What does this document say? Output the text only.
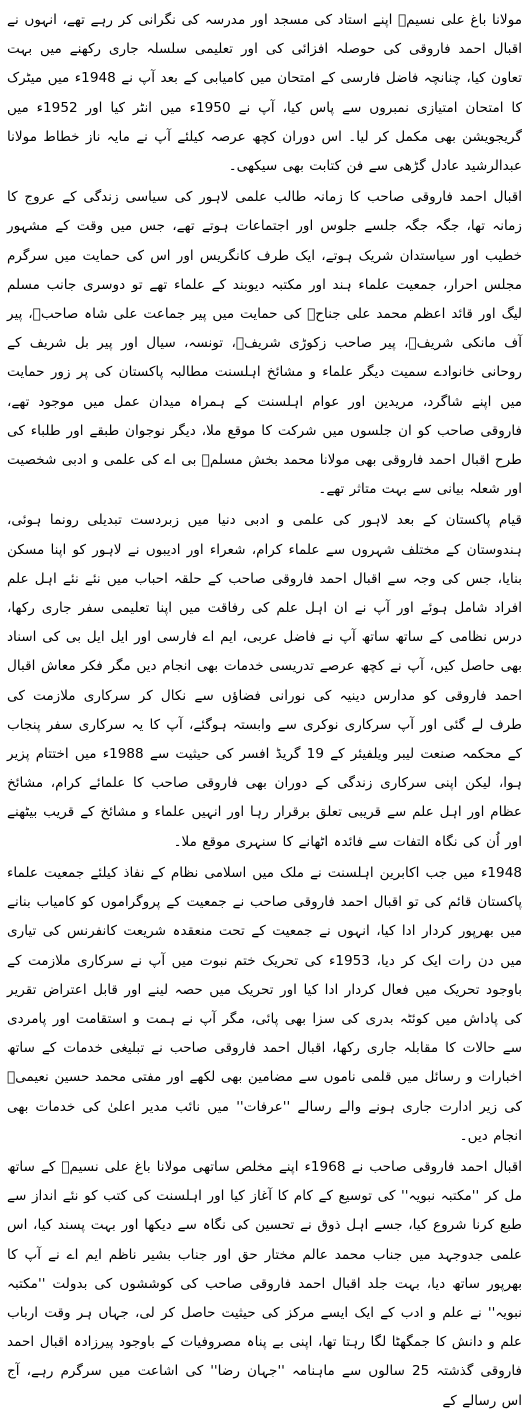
مولانا باغ علی نسیمؒ اپنے استاد کی مسجد اور مدرسہ کی نگرانی کر رہے تھے، انہوں نے اقبال احمد فاروقی کی حوصلہ افزائی کی اور تعلیمی سلسلہ جاری رکھنے میں بہت تعاون کیا، چنانچہ فاضل فارسی کے امتحان میں کامیابی کے بعد آپ نے 1948ء میں میٹرک کا امتحان امتیازی نمبروں سے پاس کیا، آپ نے 1950ء میں انٹر کیا اور 1952ء میں گریجویشن بھی مکمل کر لیا۔ اس دوران کچھ عرصہ کیلئے آپ نے مایہ ناز خطاط مولانا عبدالرشید عادل گڑھی سے فن کتابت بھی سیکھی۔

اقبال احمد فاروقی صاحب کا زمانہ طالب علمی لاہور کی سیاسی زندگی کے عروج کا زمانہ تھا، جگہ جگہ جلسے جلوس اور اجتماعات ہوتے تھے، جس میں وقت کے مشہور خطیب اور سیاستدان شریک ہوتے، ایک طرف کانگریس اور اس کی حمایت میں سرگرم مجلس احرار، جمعیت علماء ہند اور مکتبہ دیوبند کے علماء تھے تو دوسری جانب مسلم لیگ اور قائد اعظم محمد علی جناحؒ کی حمایت میں پیر جماعت علی شاہ صاحبؒ، پیر آف مانکی شریفؒ، پیر صاحب زکوڑی شریفؒ، تونسہ، سیال اور پیر بل شریف کے روحانی خانوادے سمیت دیگر علماء و مشائخ اہلسنت مطالبہ پاکستان کی پر زور حمایت میں اپنے شاگرد، مریدین اور عوام اہلسنت کے ہمراہ میدان عمل میں موجود تھے، فاروقی صاحب کو ان جلسوں میں شرکت کا موقع ملا، دیگر نوجوان طبقے اور طلباء کی طرح اقبال احمد فاروقی بھی مولانا محمد بخش مسلمؒ بی اے کی علمی و ادبی شخصیت اور شعلہ بیانی سے بہت متاثر تھے۔

قیام پاکستان کے بعد لاہور کی علمی و ادبی دنیا میں زبردست تبدیلی رونما ہوئی، ہندوستان کے مختلف شہروں سے علماء کرام، شعراء اور ادیبوں نے لاہور کو اپنا مسکن بنایا، جس کی وجہ سے اقبال احمد فاروقی صاحب کے حلقہ احباب میں نئے نئے اہل علم افراد شامل ہوئے اور آپ نے ان اہل علم کی رفاقت میں اپنا تعلیمی سفر جاری رکھا، درس نظامی کے ساتھ ساتھ آپ نے فاضل عربی، ایم اے فارسی اور ایل ایل بی کی اسناد بھی حاصل کیں، آپ نے کچھ عرصے تدریسی خدمات بھی انجام دیں مگر فکر معاش اقبال احمد فاروقی کو مدارس دینیہ کی نورانی فضاؤں سے نکال کر سرکاری ملازمت کی طرف لے گئی اور آپ سرکاری نوکری سے وابستہ ہوگئے، آپ کا یہ سرکاری سفر پنجاب کے محکمہ صنعت لیبر ویلفیئر کے 19 گریڈ افسر کی حیثیت سے 1988ء میں اختتام پزیر ہوا، لیکن اپنی سرکاری زندگی کے دوران بھی فاروقی صاحب کا علمائے کرام، مشائخ عظام اور اہل علم سے قریبی تعلق برقرار رہا اور انہیں علماء و مشائخ کے قریب بیٹھنے اور اُن کی نگاہ التفات سے فائدہ اٹھانے کا سنہری موقع ملا۔

1948ء میں جب اکابرین اہلسنت نے ملک میں اسلامی نظام کے نفاذ کیلئے جمعیت علماء پاکستان قائم کی تو اقبال احمد فاروقی صاحب نے جمعیت کے پروگراموں کو کامیاب بنانے میں بھرپور کردار ادا کیا، انہوں نے جمعیت کے تحت منعقدہ شریعت کانفرنس کی تیاری میں دن رات ایک کر دیا، 1953ء کی تحریک ختم نبوت میں آپ نے سرکاری ملازمت کے باوجود تحریک میں فعال کردار ادا کیا اور تحریک میں حصہ لینے اور قابل اعتراض تقریر کی پاداش میں کوئٹہ بدری کی سزا بھی پائی، مگر آپ نے ہمت و استقامت اور پامردی سے حالات کا مقابلہ جاری رکھا، اقبال احمد فاروقی صاحب نے تبلیغی خدمات کے ساتھ اخبارات و رسائل میں قلمی ناموں سے مضامین بھی لکھے اور مفتی محمد حسین نعیمیؒ کی زیر ادارت جاری ہونے والے رسالے ''عرفات'' میں نائب مدیر اعلیٰ کی خدمات بھی انجام دیں۔

اقبال احمد فاروقی صاحب نے 1968ء اپنے مخلص ساتھی مولانا باغ علی نسیمؒ کے ساتھ مل کر ''مکتبہ نبویہ'' کی توسیع کے کام کا آغاز کیا اور اہلسنت کی کتب کو نئے انداز سے طبع کرنا شروع کیا، جسے اہل ذوق نے تحسین کی نگاہ سے دیکھا اور بہت پسند کیا، اس علمی جدوجہد میں جناب محمد عالم مختار حق اور جناب بشیر ناظم ایم اے نے آپ کا بھرپور ساتھ دیا، بہت جلد اقبال احمد فاروقی صاحب کی کوششوں کی بدولت ''مکتبہ نبویہ'' نے علم و ادب کے ایک ایسے مرکز کی حیثیت حاصل کر لی، جہاں ہر وقت ارباب علم و دانش کا جمگھٹا لگا رہتا تھا، اپنی بے پناہ مصروفیات کے باوجود پیرزادہ اقبال احمد فاروقی گذشتہ 25 سالوں سے ماہنامہ ''جہان رضا'' کی اشاعت میں سرگرم رہے، آج اس رسالے کے
